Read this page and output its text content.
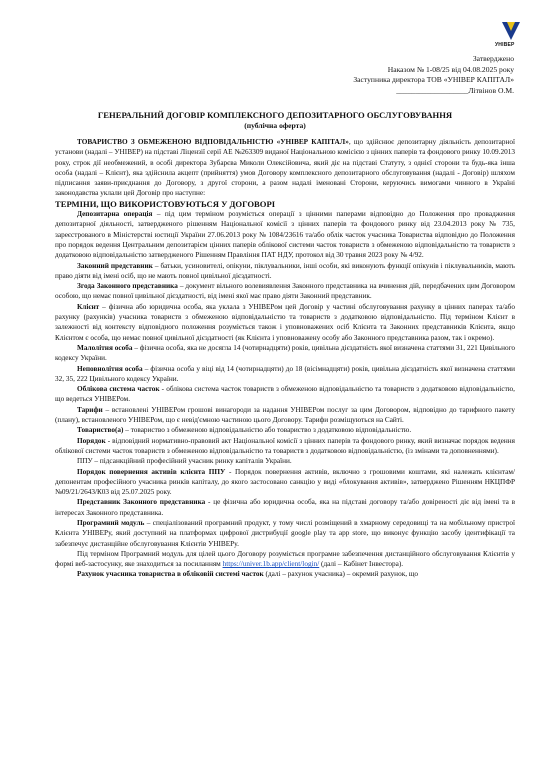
УНІВЕР
Затверджено
Наказом № 1-08/25 від 04.08.2025 року
Заступника директора ТОВ «УНІВЕР КАПІТАЛ»
___________________Літвінов О.М.
ГЕНЕРАЛЬНИЙ ДОГОВІР КОМПЛЕКСНОГО ДЕПОЗИТАРНОГО ОБСЛУГОВУВАННЯ
(публічна оферта)

ТОВАРИСТВО З ОБМЕЖЕНОЮ ВІДПОВІДАЛЬНІСТЮ «УНІВЕР КАПІТАЛ», що здійснює депозитарну діяльність депозитарної установи (надалі – УНІВЕР) на підставі Ліцензії серії АЕ №263309 виданої Національною комісією з цінних паперів та фондового ринку 10.09.2013 року, строк дії необмежений, в особі директора Зубарєва Миколи Олексійовича, який діє на підставі Статуту, з однієї сторони та будь-яка інша особа (надалі – Клієнт), яка здійснила акцепт (прийняття) умов Договору комплексного депозитарного обслуговування (надалі - Договір) шляхом підписання заяви-приєднання до Договору, з другої сторони, а разом надалі іменовані Сторони, керуючись вимогами чинного в Україні законодавства уклали цей Договір про наступне:

ТЕРМІНИ, ЩО ВИКОРИСТОВУЮТЬСЯ У ДОГОВОРІ

Депозитарна операція – під цим терміном розуміється операції з цінними паперами відповідно до Положення про провадження депозитарної діяльності, затвердженого рішенням Національної комісії з цінних паперів та фондового ринку від 23.04.2013 року № 735, зареєстрованого в Міністерстві юстиції України 27.06.2013 року № 1084/23616 та/або облік часток учасника Товариства відповідно до Положення про порядок ведення Центральним депозитарієм цінних паперів облікової системи часток товариств з обмеженою відповідальністю та товариств з додатковою відповідальністю затвердженого Рішенням Правління ПАТ НДУ, протокол від 30 травня 2023 року № 4/92.

Законний представник – батьки, усиновителі, опікуни, піклувальники, інші особи, які виконують функції опікунів і піклувальників, мають право діяти від імені осіб, що не мають повної цивільної дієздатності.

Згода Законного представника – документ вільного волевиявлення Законного представника на вчинення дій, передбачених цим Договором особою, що немає повної цивільної дієздатності, від імені якої має право діяти Законний представник.

Клієнт – фізична або юридична особа, яка уклала з УНІВЕРом цей Договір у частині обслуговування рахунку в цінних паперах та/або рахунку (рахунків) учасника товариств з обмеженою відповідальністю та товариств з додатковою відповідальністю. Під терміном Клієнт в залежності від контексту відповідного положення розуміється також і уповноважених осіб Клієнта та Законних представників Клієнта, якщо Клієнтом є особа, що немає повної цивільної дієздатності (як Клієнта і уповноважену особу або Законного представника разом, так і окремо).

Малолітня особа – фізична особа, яка не досягла 14 (чотирнадцяти) років, цивільна дієздатність якої визначена статтями 31, 221 Цивільного кодексу України.

Неповнолітня особа – фізична особа у віці від 14 (чотирнадцяти) до 18 (вісімнадцяти) років, цивільна дієздатність якої визначена статтями 32, 35, 222 Цивільного кодексу України.

Облікова система часток - облікова система часток товариств з обмеженою відповідальністю та товариств з додатковою відповідальністю, що ведеться УНІВЕРом.

Тарифи – встановлені УНІВЕРом грошові винагороди за надання УНІВЕРом послуг за цим Договором, відповідно до тарифного пакету (плану), встановленого УНІВЕРом, що є невід'ємною частиною цього Договору. Тарифи розміщуються на Сайті.

Товариство(а) – товариство з обмеженою відповідальністю або товариство з додатковою відповідальністю.

Порядок - відповідний нормативно-правовий акт Національної комісії з цінних паперів та фондового ринку, який визначає порядок ведення облікової системи часток товариств з обмеженою відповідальністю та товариств з додатковою відповідальністю, (із змінами та доповненнями).

ППУ – підсанкційний професійний учасник ринку капіталів України.

Порядок повернення активів клієнта ППУ - Порядок повернення активів, включно з грошовими коштами, які належать клієнтам/депонентам професійного учасника ринків капіталу, до якого застосовано санкцію у виді «блокування активів», затверджено Рішенням НКЦПФР №09/21/2643/К03 від 25.07.2025 року.

Представник Законного представника - це фізична або юридична особа, яка на підставі договору та/або довіреності діє від імені та в інтересах Законного представника.

Програмний модуль – спеціалізований програмний продукт, у тому числі розміщений в хмарному середовищі та на мобільному пристрої Клієнта УНІВЕРу, який доступний на платформах цифрової дистрибуції google play та app store, що виконує функцію засобу ідентифікації та забезпечує дистанційне обслуговування Клієнтів УНІВЕРу.

Під терміном Програмний модуль для цілей цього Договору розуміється програмне забезпечення дистанційного обслуговування Клієнтів у формі веб-застосунку, яке знаходиться за посиланням https://univer.1b.app/client/login/ (далі – Кабінет Інвестора).

Рахунок учасника товариства в обліковій системі часток (далі – рахунок учасника) – окремий рахунок, що
